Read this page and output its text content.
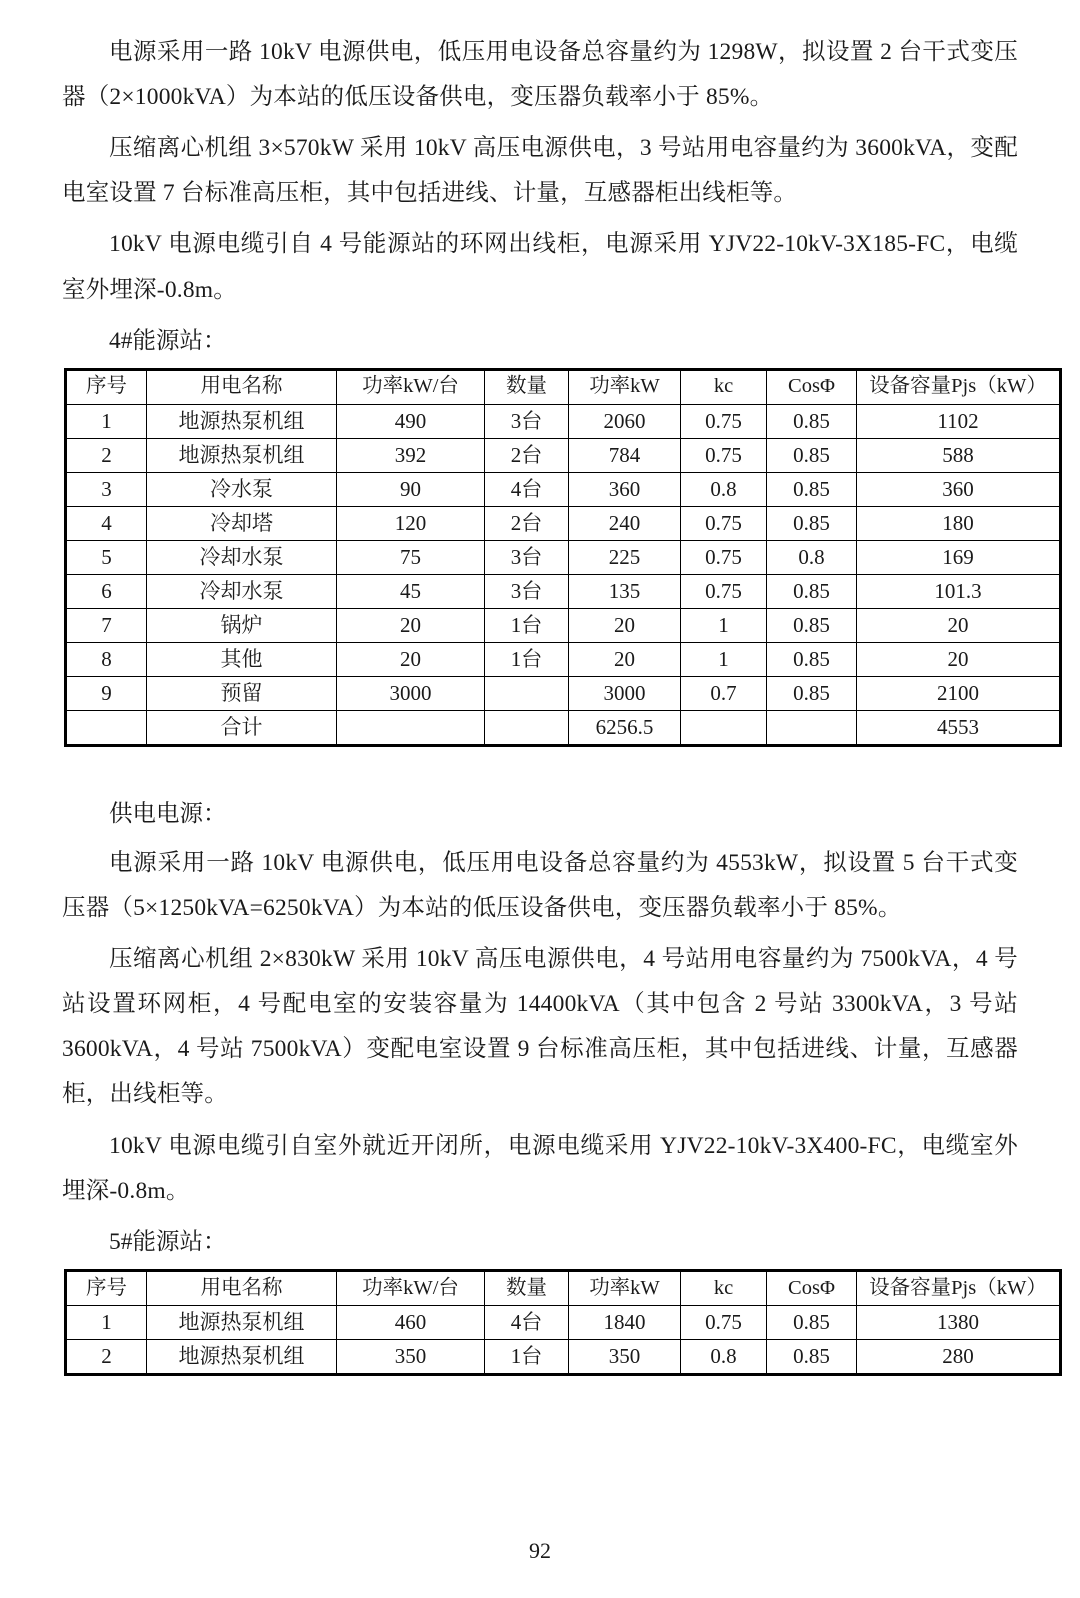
电源采用一路 10kV 电源供电，低压用电设备总容量约为 1298W，拟设置 2 台干式变压器（2×1000kVA）为本站的低压设备供电，变压器负载率小于 85%。

压缩离心机组 3×570kW 采用 10kV 高压电源供电，3 号站用电容量约为 3600kVA，变配电室设置 7 台标准高压柜，其中包括进线、计量，互感器柜出线柜等。

10kV 电源电缆引自 4 号能源站的环网出线柜，电源采用 YJV22-10kV-3X185-FC，电缆室外埋深-0.8m。

4#能源站：

序号	用电名称	功率kW/台	数量	功率kW	kc	CosΦ	设备容量Pjs（kW）
1	地源热泵机组	490	3台	2060	0.75	0.85	1102
2	地源热泵机组	392	2台	784	0.75	0.85	588
3	冷水泵	90	4台	360	0.8	0.85	360
4	冷却塔	120	2台	240	0.75	0.85	180
5	冷却水泵	75	3台	225	0.75	0.8	169
6	冷却水泵	45	3台	135	0.75	0.85	101.3
7	锅炉	20	1台	20	1	0.85	20
8	其他	20	1台	20	1	0.85	20
9	预留	3000		3000	0.7	0.85	2100
	合计			6256.5			4553

供电电源：

电源采用一路 10kV 电源供电，低压用电设备总容量约为 4553kW，拟设置 5 台干式变压器（5×1250kVA=6250kVA）为本站的低压设备供电，变压器负载率小于 85%。

压缩离心机组 2×830kW 采用 10kV 高压电源供电，4 号站用电容量约为 7500kVA，4 号站设置环网柜，4 号配电室的安装容量为 14400kVA（其中包含 2 号站 3300kVA，3 号站 3600kVA，4 号站 7500kVA）变配电室设置 9 台标准高压柜，其中包括进线、计量，互感器柜，出线柜等。

10kV 电源电缆引自室外就近开闭所，电源电缆采用 YJV22-10kV-3X400-FC，电缆室外埋深-0.8m。

5#能源站：

序号	用电名称	功率kW/台	数量	功率kW	kc	CosΦ	设备容量Pjs（kW）
1	地源热泵机组	460	4台	1840	0.75	0.85	1380
2	地源热泵机组	350	1台	350	0.8	0.85	280
92
